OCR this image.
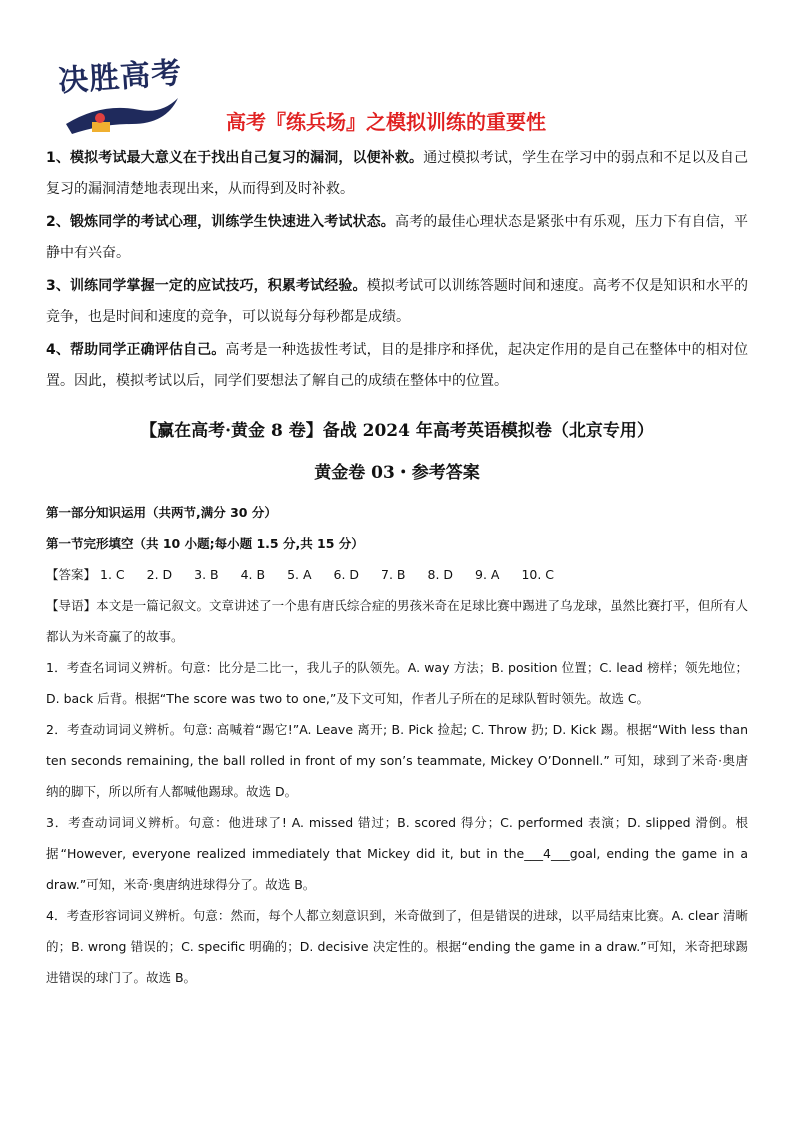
决胜高考
高考『练兵场』之模拟训练的重要性

1、模拟考试最大意义在于找出自己复习的漏洞，以便补救。通过模拟考试，学生在学习中的弱点和不足以及自己复习的漏洞清楚地表现出来，从而得到及时补救。

2、锻炼同学的考试心理，训练学生快速进入考试状态。高考的最佳心理状态是紧张中有乐观，压力下有自信，平静中有兴奋。

3、训练同学掌握一定的应试技巧，积累考试经验。模拟考试可以训练答题时间和速度。高考不仅是知识和水平的竞争，也是时间和速度的竞争，可以说每分每秒都是成绩。

4、帮助同学正确评估自己。高考是一种选拔性考试，目的是排序和择优，起决定作用的是自己在整体中的相对位置。因此，模拟考试以后，同学们要想法了解自己的成绩在整体中的位置。

【赢在高考·黄金 8 卷】备战 2024 年高考英语模拟卷（北京专用）
黄金卷 03・参考答案
第一部分知识运用（共两节,满分 30 分）
第一节完形填空（共 10 小题;每小题 1.5 分,共 15 分）
【答案】 1. C 2. D 3. B 4. B 5. A 6. D 7. B 8. D 9. A 10. C
【导语】本文是一篇记叙文。文章讲述了一个患有唐氏综合症的男孩米奇在足球比赛中踢进了乌龙球，虽然比赛打平，但所有人都认为米奇赢了的故事。
1．考查名词词义辨析。句意：比分是二比一，我儿子的队领先。A. way 方法；B. position 位置；C. lead 榜样；领先地位；D. back 后背。根据“The score was two to one,”及下文可知，作者儿子所在的足球队暂时领先。故选 C。
2．考查动词词义辨析。句意: 高喊着“踢它!”A. Leave 离开; B. Pick 捡起; C. Throw 扔; D. Kick 踢。根据“With less than ten seconds remaining, the ball rolled in front of my son’s teammate, Mickey O’Donnell.” 可知，球到了米奇·奥唐纳的脚下，所以所有人都喊他踢球。故选 D。
3．考查动词词义辨析。句意：他进球了! A. missed 错过；B. scored 得分；C. performed 表演；D. slipped 滑倒。根据“However, everyone realized immediately that Mickey did it, but in the___4___goal, ending the game in a draw.”可知，米奇·奥唐纳进球得分了。故选 B。
4．考查形容词词义辨析。句意：然而，每个人都立刻意识到，米奇做到了，但是错误的进球，以平局结束比赛。A. clear 清晰的；B. wrong 错误的；C. specific 明确的；D. decisive 决定性的。根据“ending the game in a draw.”可知，米奇把球踢进错误的球门了。故选 B。
